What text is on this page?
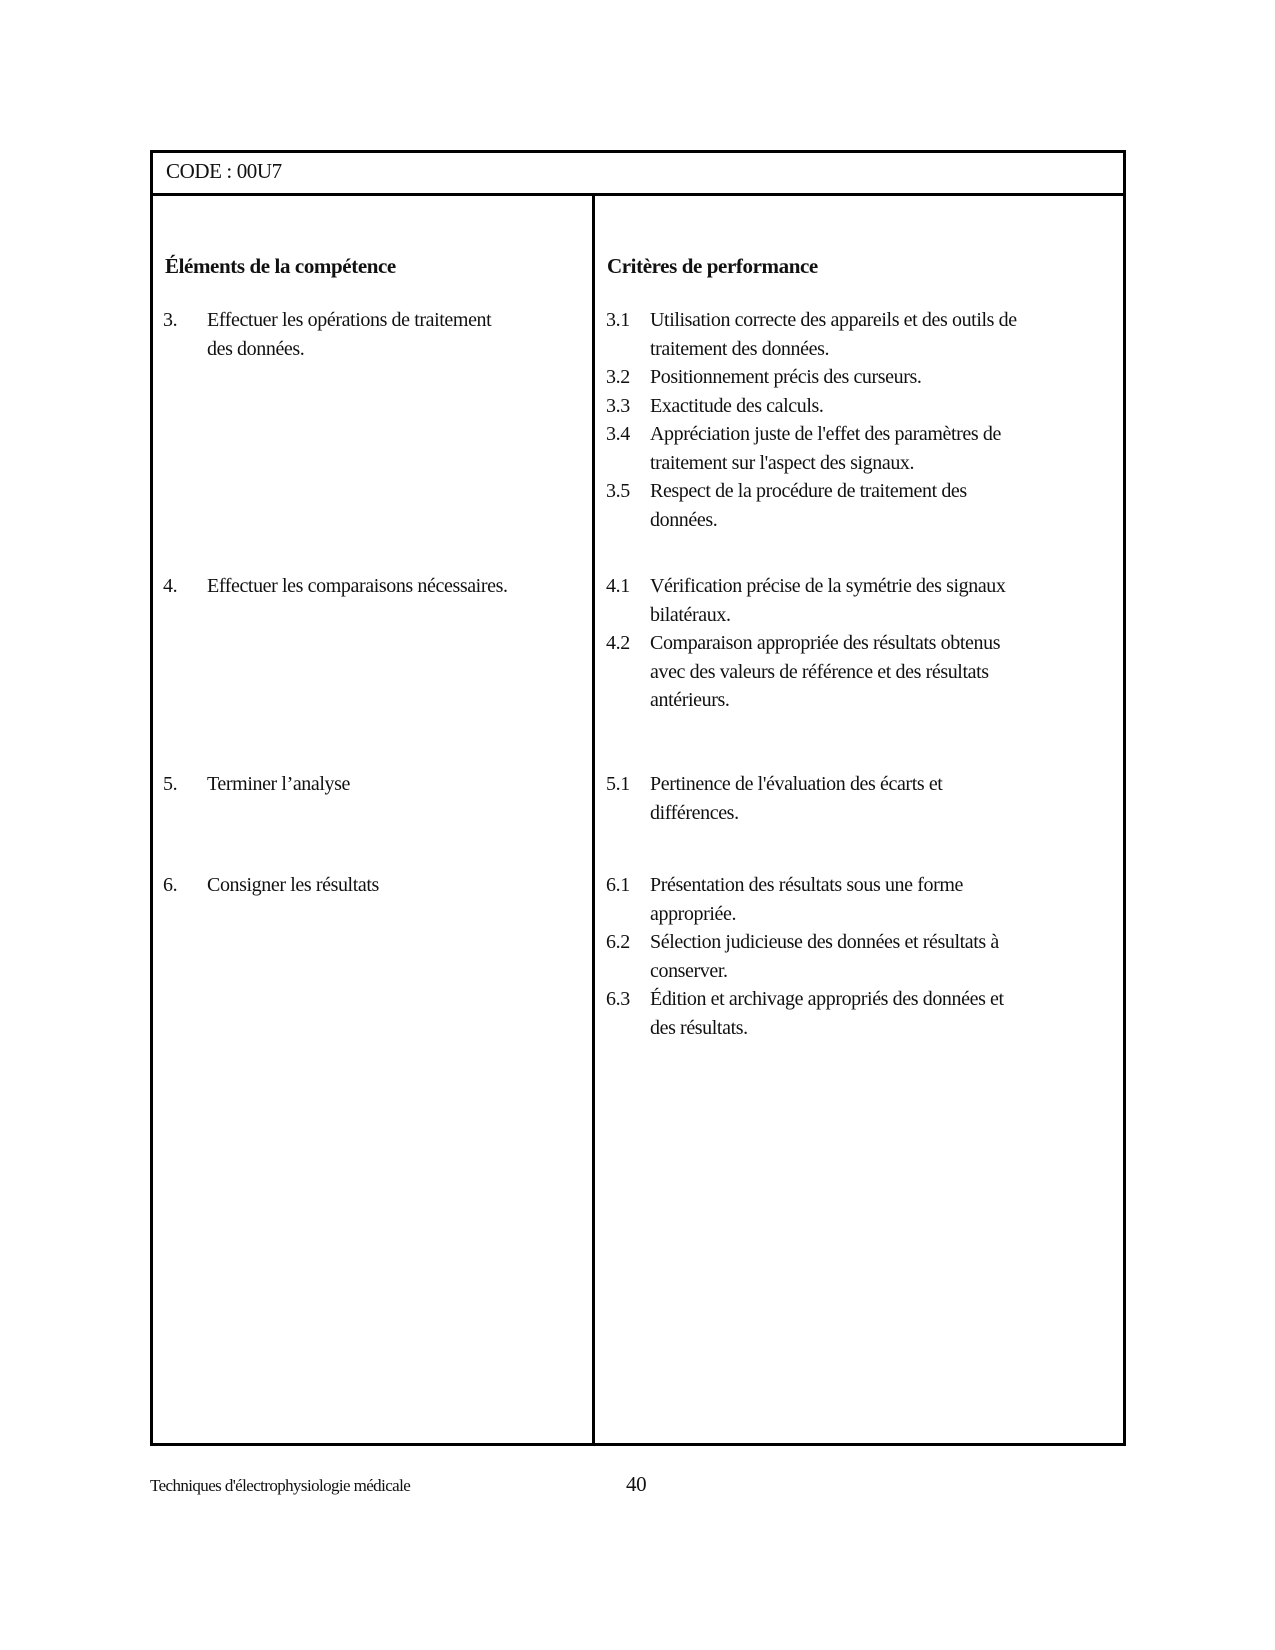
CODE : 00U7
Éléments de la compétence	Critères de performance
3. Effectuer les opérations de traitement
des données.
4. Effectuer les comparaisons nécessaires.
5. Terminer l’analyse
6. Consigner les résultats
3.1 Utilisation correcte des appareils et des outils de
traitement des données.
3.2 Positionnement précis des curseurs.
3.3 Exactitude des calculs.
3.4 Appréciation juste de l'effet des paramètres de
traitement sur l'aspect des signaux.
3.5 Respect de la procédure de traitement des
données.
4.1 Vérification précise de la symétrie des signaux
bilatéraux.
4.2 Comparaison appropriée des résultats obtenus
avec des valeurs de référence et des résultats
antérieurs.
5.1 Pertinence de l'évaluation des écarts et
différences.
6.1 Présentation des résultats sous une forme
appropriée.
6.2 Sélection judicieuse des données et résultats à
conserver.
6.3 Édition et archivage appropriés des données et
des résultats.
Techniques d'électrophysiologie médicale	40
